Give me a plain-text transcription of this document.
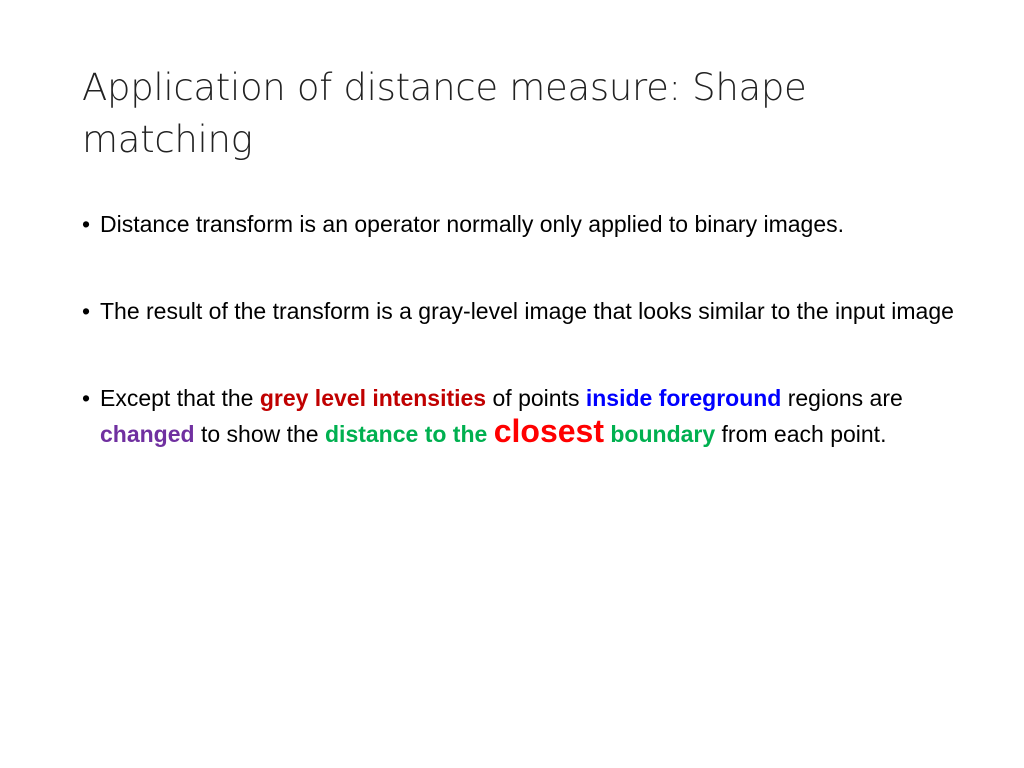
Application of distance measure: Shape matching
• Distance transform is an operator normally only applied to binary images.
• The result of the transform is a gray-level image that looks similar to the input image
• Except that the grey level intensities of points inside foreground regions are changed to show the distance to the closest boundary from each point.
